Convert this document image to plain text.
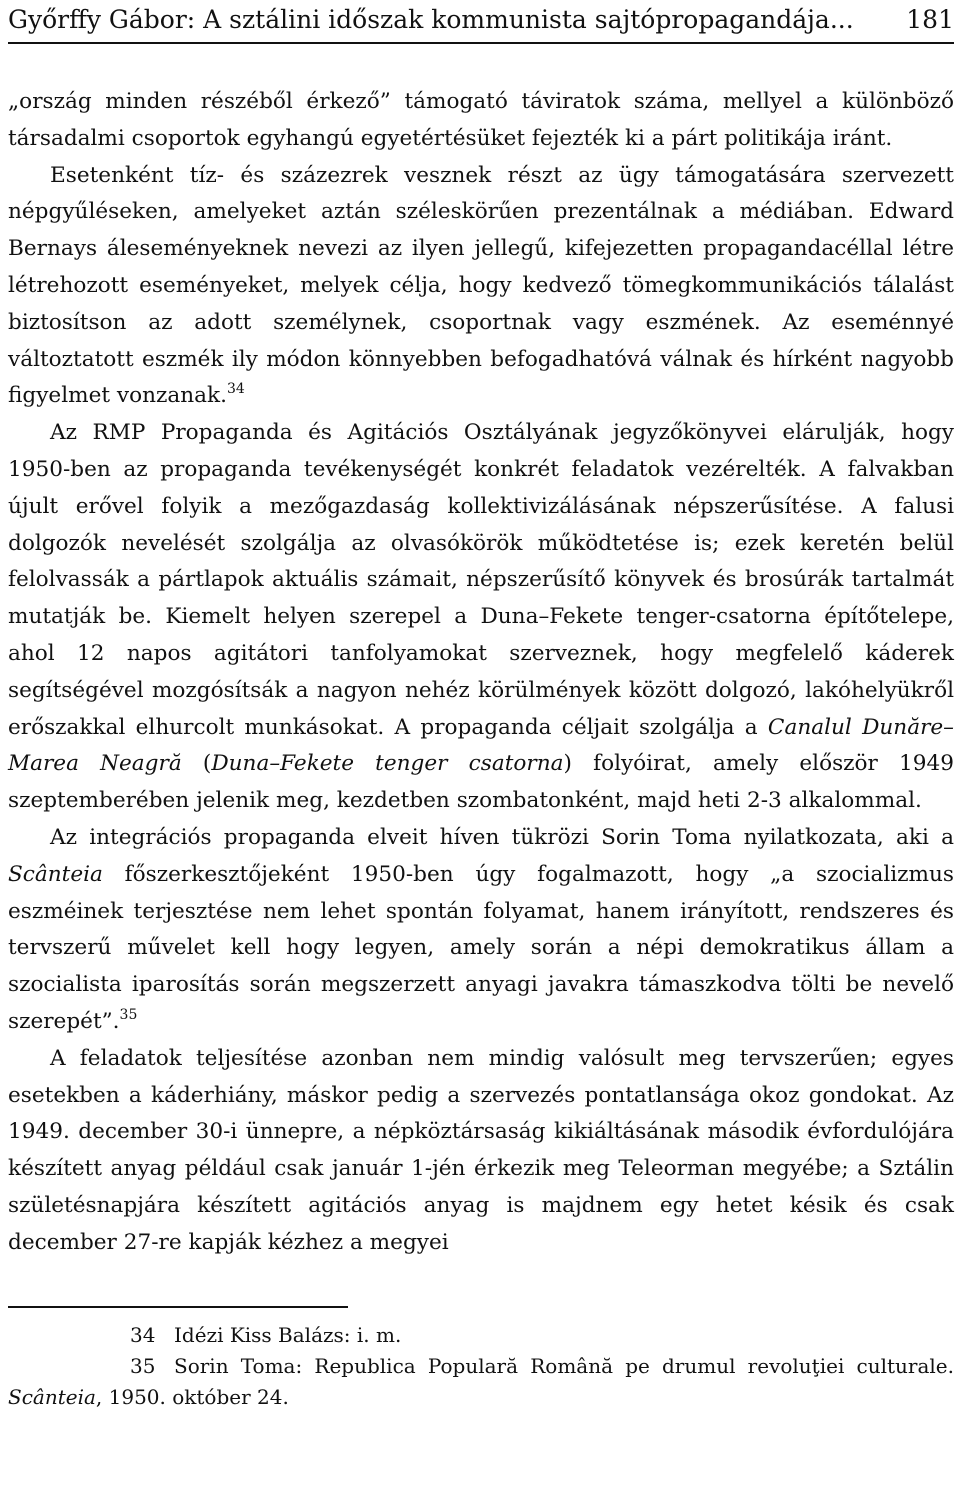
Győrffy Gábor: A sztálini időszak kommunista sajtópropagandája... 181

„ország minden részéből érkező” támogató táviratok száma, mellyel a különböző társadalmi csoportok egyhangú egyetértésüket fejezték ki a párt politikája iránt.

Esetenként tíz- és százezrek vesznek részt az ügy támogatására szervezett népgyűléseken, amelyeket aztán széleskörűen prezentálnak a médiában. Edward Bernays áleseményeknek nevezi az ilyen jellegű, kifejezetten propagandacéllal létre létrehozott eseményeket, melyek célja, hogy kedvező tömegkommunikációs tálalást biztosítson az adott személynek, csoportnak vagy eszmének. Az eseménnyé változtatott eszmék ily módon könnyebben befogadhatóvá válnak és hírként nagyobb figyelmet vonzanak.$^{34}$

Az RMP Propaganda és Agitációs Osztályának jegyzőkönyvei elárulják, hogy 1950-ben az propaganda tevékenységét konkrét feladatok vezérelték. A falvakban újult erővel folyik a mezőgazdaság kollektivizálásának népszerűsítése. A falusi dolgozók nevelését szolgálja az olvasókörök működtetése is; ezek keretén belül felolvassák a pártlapok aktuális számait, népszerűsítő könyvek és brosúrák tartalmát mutatják be. Kiemelt helyen szerepel a Duna–Fekete tenger-csatorna építőtelepe, ahol 12 napos agitátori tanfolyamokat szerveznek, hogy megfelelő káderek segítségével mozgósítsák a nagyon nehéz körülmények között dolgozó, lakóhelyükről erőszakkal elhurcolt munkásokat. A propaganda céljait szolgálja a Canalul Dunăre–Marea Neagră (Duna–Fekete tenger csatorna) folyóirat, amely először 1949 szeptemberében jelenik meg, kezdetben szombatonként, majd heti 2-3 alkalommal.

Az integrációs propaganda elveit híven tükrözi Sorin Toma nyilatkozata, aki a Scânteia főszerkesztőjeként 1950-ben úgy fogalmazott, hogy „a szocializmus eszméinek terjesztése nem lehet spontán folyamat, hanem irányított, rendszeres és tervszerű művelet kell hogy legyen, amely során a népi demokratikus állam a szocialista iparosítás során megszerzett anyagi javakra támaszkodva tölti be nevelő szerepét”.$^{35}$

A feladatok teljesítése azonban nem mindig valósult meg tervszerűen; egyes esetekben a káderhiány, máskor pedig a szervezés pontatlansága okoz gondokat. Az 1949. december 30-i ünnepre, a népköztársaság kikiáltásának második évfordulójára készített anyag például csak január 1-jén érkezik meg Teleorman megyébe; a Sztálin születésnapjára készített agitációs anyag is majdnem egy hetet késik és csak december 27-re kapják kézhez a megyei

34 Idézi Kiss Balázs: i. m.
35 Sorin Toma: Republica Populară Română pe drumul revoluţiei culturale. Scânteia, 1950. október 24.
